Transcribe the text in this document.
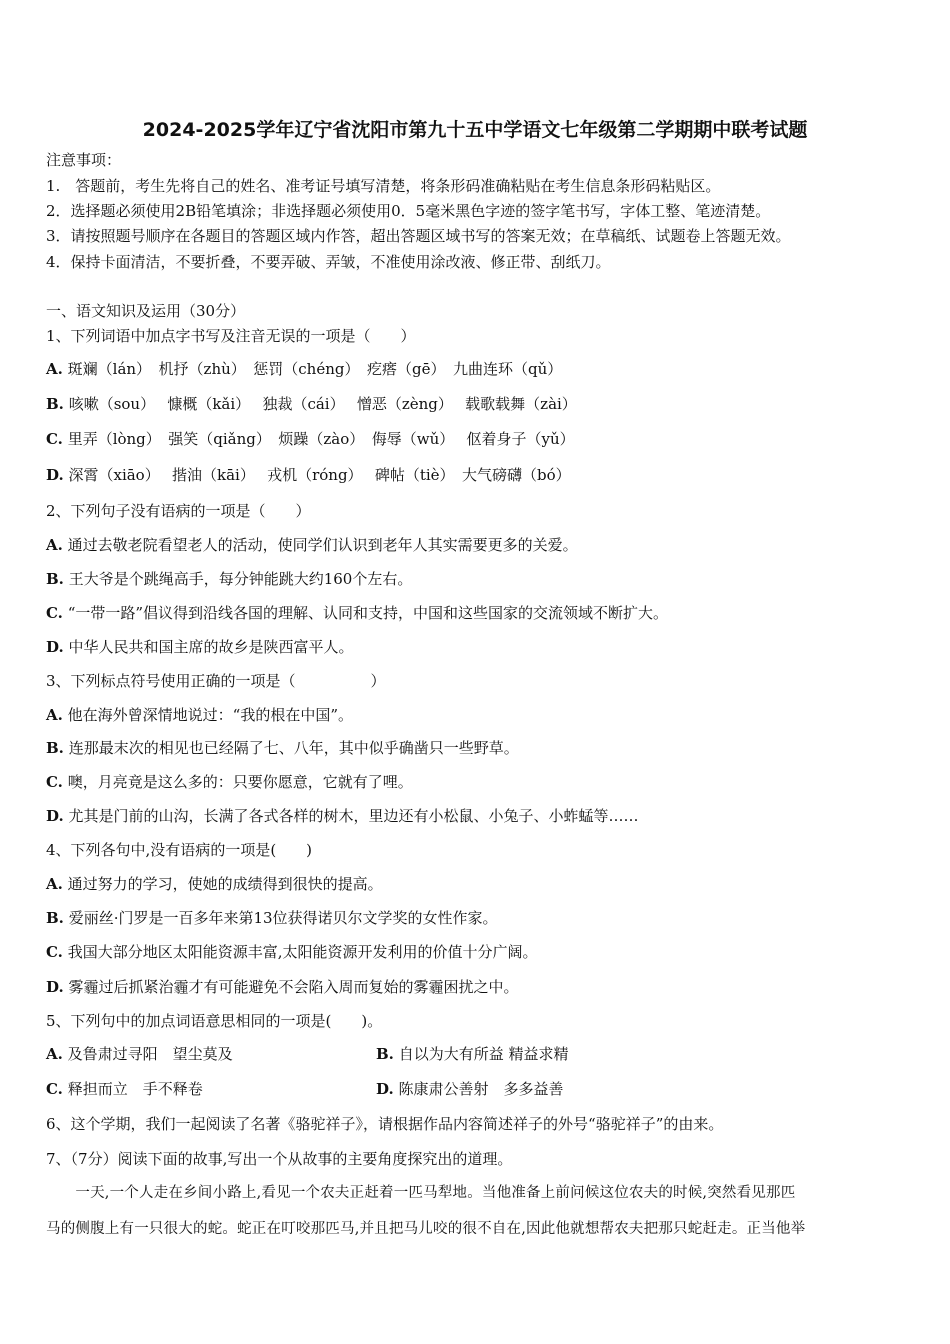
2024-2025学年辽宁省沈阳市第九十五中学语文七年级第二学期期中联考试题
注意事项：
1.　答题前，考生先将自己的姓名、准考证号填写清楚，将条形码准确粘贴在考生信息条形码粘贴区。
2．选择题必须使用2B铅笔填涂；非选择题必须使用0．5毫米黑色字迹的签字笔书写，字体工整、笔迹清楚。
3．请按照题号顺序在各题目的答题区域内作答，超出答题区域书写的答案无效；在草稿纸、试题卷上答题无效。
4．保持卡面清洁，不要折叠，不要弄破、弄皱，不准使用涂改液、修正带、刮纸刀。
一、语文知识及运用（30分）
1、下列词语中加点字书写及注音无误的一项是（　　）
A. 斑斓（lán）　机抒（zhù）　惩罚（chéng）　疙瘩（gē）　九曲连环（qǔ）
B. 咳嗽（sou）　 慷概（kǎi）　 独裁（cái）　 憎恶（zèng）　 载歌载舞（zài）
C. 里弄（lòng）　强笑（qiǎng）　烦躁（zào）　侮辱（wǔ）　 伛着身子（yǔ）
D. 深霄（xiāo）　 揩油（kāi）　 戎机（róng）　 碑帖（tiè）　大气磅礴（bó）
2、下列句子没有语病的一项是（　　）
A. 通过去敬老院看望老人的活动，使同学们认识到老年人其实需要更多的关爱。
B. 王大爷是个跳绳高手，每分钟能跳大约160个左右。
C. “一带一路”倡议得到沿线各国的理解、认同和支持，中国和这些国家的交流领域不断扩大。
D. 中华人民共和国主席的故乡是陕西富平人。
3、下列标点符号使用正确的一项是（　　　　　）
A. 他在海外曾深情地说过：“我的根在中国”。
B. 连那最末次的相见也已经隔了七、八年，其中似乎确凿只一些野草。
C. 噢，月亮竟是这么多的：只要你愿意，它就有了哩。
D. 尤其是门前的山沟，长满了各式各样的树木，里边还有小松鼠、小兔子、小蚱蜢等……
4、下列各句中,没有语病的一项是(　　)
A. 通过努力的学习，使她的成绩得到很快的提高。
B. 爱丽丝·门罗是一百多年来第13位获得诺贝尔文学奖的女性作家。
C. 我国大部分地区太阳能资源丰富,太阳能资源开发利用的价值十分广阔。
D. 雾霾过后抓紧治霾才有可能避免不会陷入周而复始的雾霾困扰之中。
5、下列句中的加点词语意思相同的一项是(　　)。
A. 及鲁肃过寻阳　望尘莫及	B. 自以为大有所益 精益求精
C. 释担而立　手不释卷	D. 陈康肃公善射　多多益善
6、这个学期，我们一起阅读了名著《骆驼祥子》，请根据作品内容简述祥子的外号“骆驼祥子”的由来。
7、（7分）阅读下面的故事,写出一个从故事的主要角度探究出的道理。
　　一天,一个人走在乡间小路上,看见一个农夫正赶着一匹马犁地。当他准备上前问候这位农夫的时候,突然看见那匹
马的侧腹上有一只很大的蛇。蛇正在叮咬那匹马,并且把马儿咬的很不自在,因此他就想帮农夫把那只蛇赶走。正当他举
